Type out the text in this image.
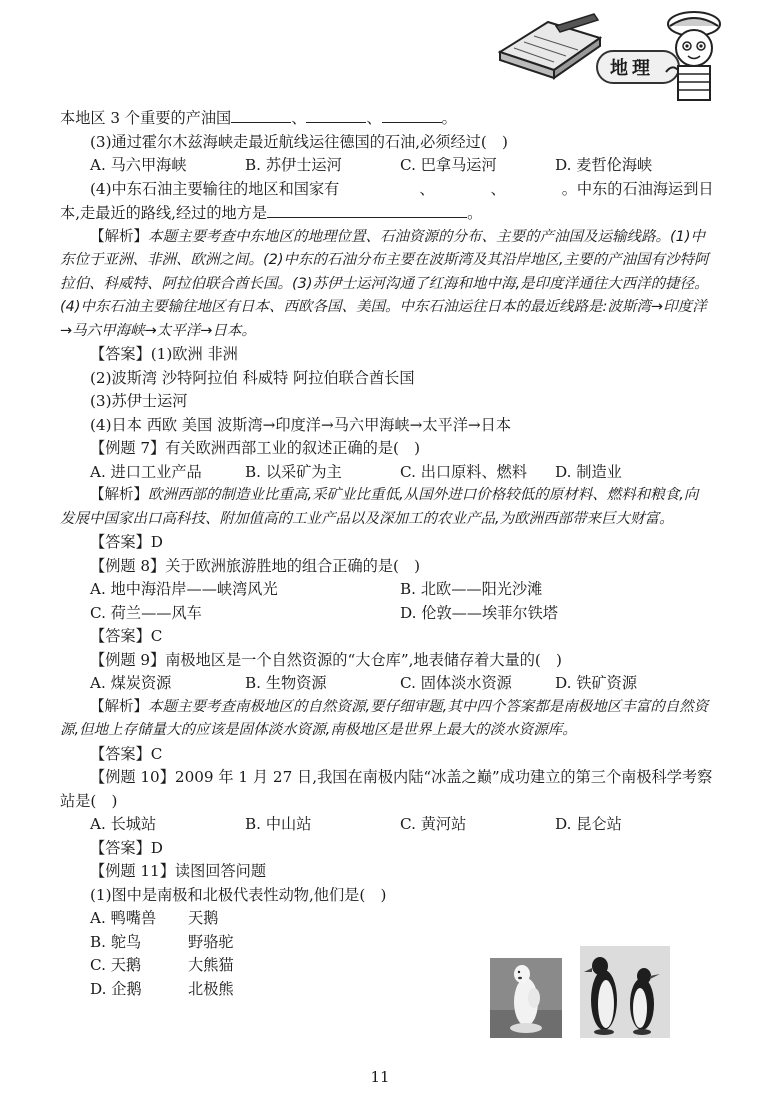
地理

本地区 3 个重要的产油国	、	、	。

(3)通过霍尔木兹海峡走最近航线运往德国的石油,必须经过(　)

A. 马六甲海峡	B. 苏伊士运河	C. 巴拿马运河	D. 麦哲伦海峡

(4)中东石油主要输往的地区和国家有	、	、	。中东的石油海运到日

本,走最近的路线,经过的地方是	。

【解析】本题主要考查中东地区的地理位置、石油资源的分布、主要的产油国及运输线路。(1)中东位于亚洲、非洲、欧洲之间。(2)中东的石油分布主要在波斯湾及其沿岸地区,主要的产油国有沙特阿拉伯、科威特、阿拉伯联合酋长国。(3)苏伊士运河沟通了红海和地中海,是印度洋通往大西洋的捷径。(4)中东石油主要输往地区有日本、西欧各国、美国。中东石油运往日本的最近线路是:波斯湾→印度洋→马六甲海峡→太平洋→日本。

【答案】(1)欧洲 非洲

(2)波斯湾 沙特阿拉伯 科威特 阿拉伯联合酋长国

(3)苏伊士运河

(4)日本 西欧 美国 波斯湾→印度洋→马六甲海峡→太平洋→日本

【例题 7】有关欧洲西部工业的叙述正确的是(　)

A. 进口工业产品	B. 以采矿为主	C. 出口原料、燃料	D. 制造业

【解析】欧洲西部的制造业比重高,采矿业比重低,从国外进口价格较低的原材料、燃料和粮食,向发展中国家出口高科技、附加值高的工业产品以及深加工的农业产品,为欧洲西部带来巨大财富。

【答案】D

【例题 8】关于欧洲旅游胜地的组合正确的是(　)

A. 地中海沿岸——峡湾风光	B. 北欧——阳光沙滩
C. 荷兰——风车	D. 伦敦——埃菲尔铁塔

【答案】C

【例题 9】南极地区是一个自然资源的“大仓库”,地表储存着大量的(　)

A. 煤炭资源	B. 生物资源	C. 固体淡水资源	D. 铁矿资源

【解析】本题主要考查南极地区的自然资源,要仔细审题,其中四个答案都是南极地区丰富的自然资源,但地上存储量大的应该是固体淡水资源,南极地区是世界上最大的淡水资源库。

【答案】C

【例题 10】2009 年 1 月 27 日,我国在南极内陆“冰盖之巅”成功建立的第三个南极科学考察

站是(　)

A. 长城站	B. 中山站	C. 黄河站	D. 昆仑站

【答案】D

【例题 11】读图回答问题

(1)图中是南极和北极代表性动物,他们是(　)

A. 鸭嘴兽	天鹅
B. 鸵鸟	野骆驼
C. 天鹅	大熊猫
D. 企鹅	北极熊
11
